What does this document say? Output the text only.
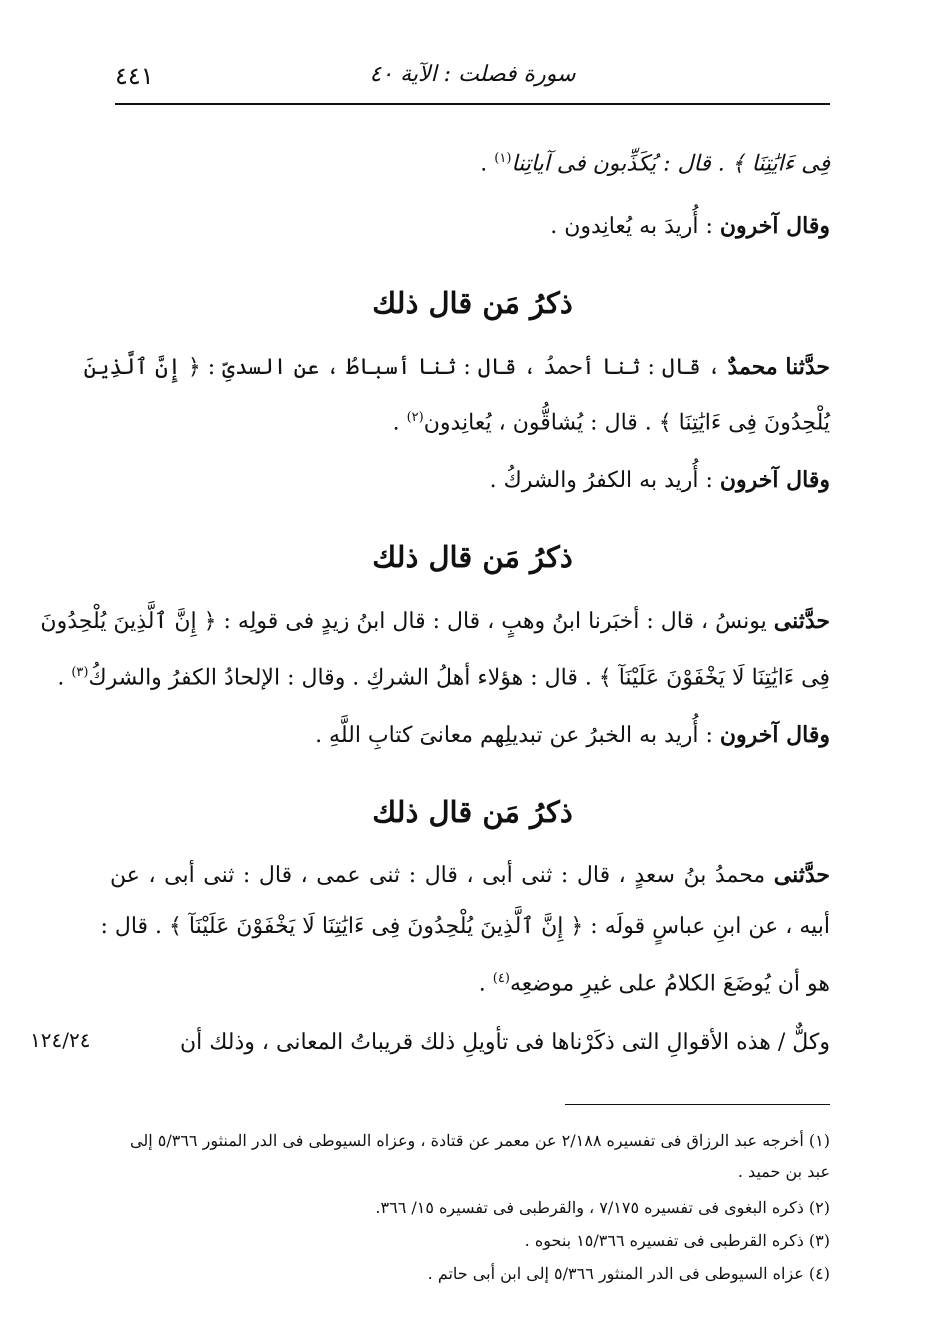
سورة فصلت : الآية ٤٠
٤٤١
فِى ءَايَٰتِنَا ﴾ . قال : يُكَذِّبون فى آياتِنا$^{(١)}$ .
وقال آخرون : أُريدَ به يُعانِدون .
ذكرُ مَن قال ذلك
حدَّثنا محمدٌ ، قال : ثنا أحمدُ ، قال : ثنا أسباطُ ، عن السدىِّ : ﴿ إِنَّ ٱلَّذِينَ
يُلْحِدُونَ فِى ءَايَٰتِنَا ﴾ . قال : يُشاقُّون ، يُعانِدون$^{(٢)}$ .
وقال آخرون : أُريد به الكفرُ والشركُ .
ذكرُ مَن قال ذلك
حدَّثنى يونسُ ، قال : أخبَرنا ابنُ وهبٍ ، قال : قال ابنُ زيدٍ فى قولِه : ﴿ إِنَّ ٱلَّذِينَ يُلْحِدُونَ
فِى ءَايَٰتِنَا لَا يَخْفَوْنَ عَلَيْنَآ ﴾ . قال : هؤلاء أهلُ الشركِ . وقال : الإلحادُ الكفرُ والشركُ$^{(٣)}$ .
وقال آخرون : أُريد به الخبرُ عن تبديلِهم معانىَ كتابِ اللَّهِ .
ذكرُ مَن قال ذلك
حدَّثنى محمدُ بنُ سعدٍ ، قال : ثنى أبى ، قال : ثنى عمى ، قال : ثنى أبى ، عن
أبيه ، عن ابنِ عباسٍ قولَه : ﴿ إِنَّ ٱلَّذِينَ يُلْحِدُونَ فِى ءَايَٰتِنَا لَا يَخْفَوْنَ عَلَيْنَآ ﴾ . قال :
هو أن يُوضَعَ الكلامُ على غيرِ موضعِه$^{(٤)}$ .
وكلٌّ / هذه الأقوالِ التى ذكَرْناها فى تأويلِ ذلك قريباتُ المعانى ، وذلك أن
١٢٤/٢٤
(١) أخرجه عبد الرزاق فى تفسيره ٢/١٨٨ عن معمر عن قتادة ، وعزاه السيوطى فى الدر المنثور ٥/٣٦٦ إلى
عبد بن حميد .
(٢) ذكره البغوى فى تفسيره ٧/١٧٥ ، والقرطبى فى تفسيره ١٥/ ٣٦٦.
(٣) ذكره القرطبى فى تفسيره ١٥/٣٦٦ بنحوه .
(٤) عزاه السيوطى فى الدر المنثور ٥/٣٦٦ إلى ابن أبى حاتم .
